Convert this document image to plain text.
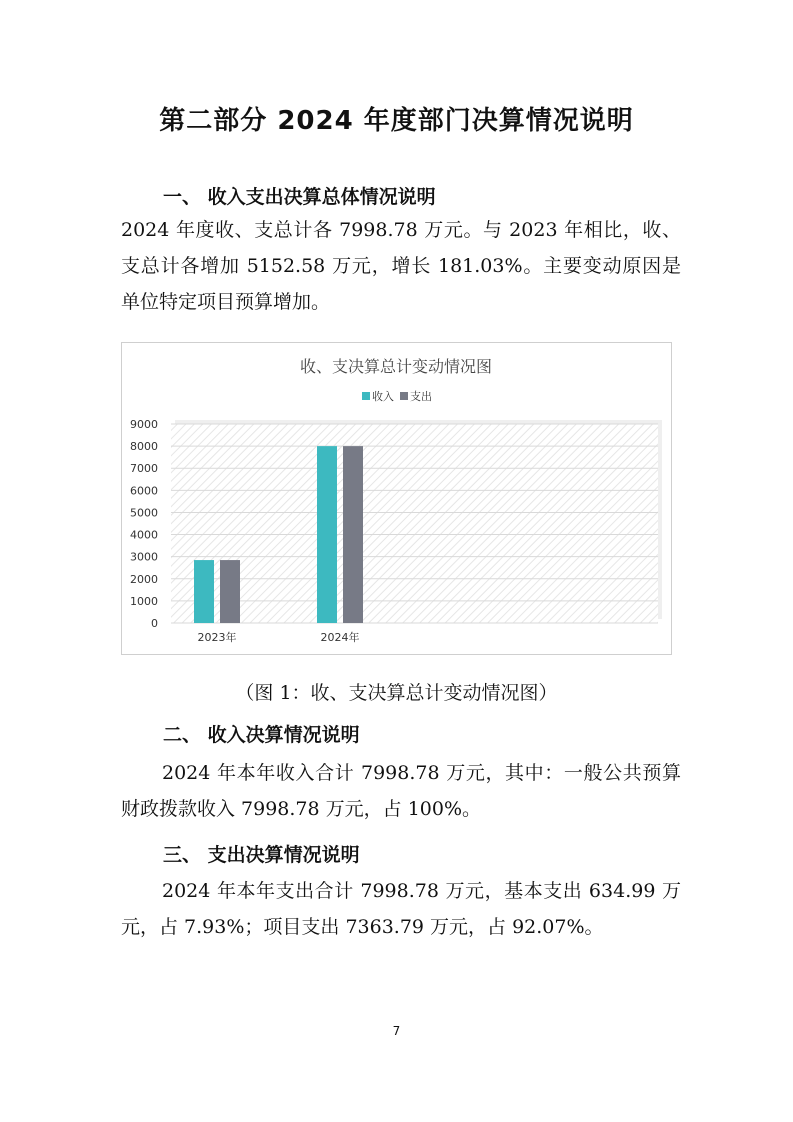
第二部分 2024 年度部门决算情况说明
一、 收入支出决算总体情况说明
2024 年度收、支总计各 7998.78 万元。与 2023 年相比，收、支总计各增加 5152.58 万元，增长 181.03%。主要变动原因是单位特定项目预算增加。
收、支决算总计变动情况图
收入 支出
0
1000
2000
3000
4000
5000
6000
7000
8000
9000
2023年	2024年
（图 1：收、支决算总计变动情况图）
二、 收入决算情况说明
2024 年本年收入合计 7998.78 万元，其中：一般公共预算财政拨款收入 7998.78 万元，占 100%。
三、 支出决算情况说明
2024 年本年支出合计 7998.78 万元，基本支出 634.99 万元，占 7.93%；项目支出 7363.79 万元，占 92.07%。
7
